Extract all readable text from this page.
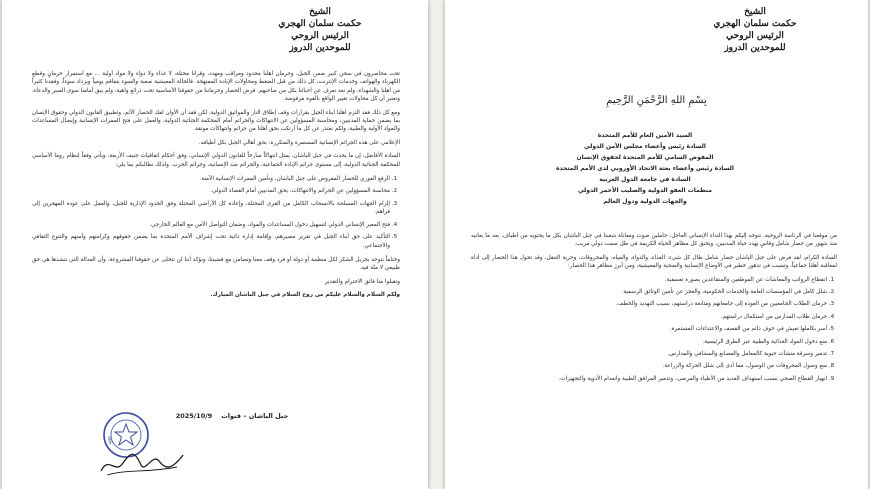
الشيخ
حكمت سلمان الهجري
الرئيس الروحي
للموحدين الدروز

تحت محاصرون في سجن كبير ضمن الجبل، وحرمان أهلنا محدود ومراقب ومهدد، وقرانا محتلة، لا غذاء ولا دواء ولا مواد أولية ... مع استمرار حرمانٍ وقطع الكهرباء والهواتف وخدمات الإنترنت، كل ذلك من قبل الضغط ومحاولات الإبادة الممنهجة. فالحالة المعيشية صعبة والسوء يتفاقم يومياً ويزداد سوءاً، وفقدنا كثيراً من أهلنا والشهداء، ولم نعد نعرف عن أحبائنا بكل من صاحبهم. فرض الحصار وحرماننا من حقوقنا الأساسية تحت ذرائع واهية، ولم يبق أمامنا سوى الصبر والدعاء، ونعتبر أن كل محاولات تغيير الواقع بالقوة مرفوضة.

ومع كل ذلك فقد التزم أهلنا أبناء الجبل بقرارات وقف إطلاق النار والمواثيق الدولية، لكن فقد أن الأوان لفك الحصار الآثم، وتطبيق القانون الدولي وحقوق الإنسان بما يضمن حماية المدنيين، ومحاسبة المسؤولين عن الانتهاكات والجرائم أمام المحكمة الجنائية الدولية، والعمل على فتح الممرات الإنسانية وإيصال المساعدات والمواد الأولية والطبية، ولكم نعتذر عن كل ما ارتكب بحق أهلنا من جرائم وانتهاكات موثقة.

الإعلامي على هذه الجرائم الإنسانية المستمرة والمتكررة، بحق أهالي الجبل بكل أطيافه.

السادة الأفاضل، إن ما يحدث في جبل الباشان، يمثل انتهاكاً صارخاً للقانون الدولي الإنساني، وفق أحكام اتفاقيات جنيف الأربعة، ويأتي وفقاً لنظام روما الأساسي للمحكمة الجنائية الدولية، إلى مستوى جرائم الإبادة الجماعية، والجرائم ضد الإنسانية، وجرائم الحرب. ولذلك نطالبكم بما يلي:

1. الرفع الفوري للحصار المفروض على جبل الباشان، وتأمين الممرات الإنسانية الآمنة.
2. محاسبة المسؤولين عن الجرائم والانتهاكات، بحق المدنيين أمام القضاء الدولي.
3. إلزام الجهات المسلحة بالانسحاب الكامل من القرى المحتلة، وإعادة كل الأراضي المحتلة وفق الحدود الإدارية للجبل، والعمل على عودة المهجرين إلى قراهم.
4. فتح المعبر الإنساني الدولي لتسهيل دخول المساعدات والمواد، وضمان التواصل الآمن مع العالم الخارجي.
5. التأكيد على حق أبناء الجبل في تقرير مصيرهم، وإقامة إدارة ذاتية تحت إشراف الأمم المتحدة بما يضمن حقوقهم وكرامتهم وأمنهم والتنوع الثقافي والاجتماعي.

وختاماً نتوجه بجزيل الشكر لكل منظمة أو دولة أو فرد وقف معنا وتضامن مع قضيتنا، ونؤكد أننا لن نتخلى عن حقوقنا المشروعة، وأن العدالة التي ننشدها هي حق طبيعي لا منّة فيه.

وتقبلوا منا فائق الاحترام والتقدير

ولكم السلام والسلام عليكم من روح السلام في جبل الباشان المبارك.

جبل الباشان – قنوات    2025/10/9
ANS
الشيخ
حكمت سلمان الهجري
الرئيس الروحي
للموحدين الدروز
بِسْمِ اللهِ الرَّحْمَنِ الرَّحِيمِ
السيد الأمين العام للأمم المتحدة
السادة رئيس وأعضاء مجلس الأمن الدولي
المفوض السامي للأمم المتحدة لحقوق الإنسان
السادة رئيس وأعضاء بعثة الاتحاد الأوروبي لدى الأمم المتحدة
السادة في جامعة الدول العربية
منظمات العفو الدولية والصليب الأحمر الدولي
والجهات الدولية ودول العالم

من موقعنا في الرئاسة الروحية، نتوجه إليكم بهذا النداء الإنساني العاجل، حاملين صوت ومعاناة شعبنا في جبل الباشان بكل ما يحتويه من أطياف، بعد ما يعانيه منذ شهور من حصار شامل وقاسٍ يهدد حياة المدنيين، ويخنق كل مظاهر الحياة الكريمة في ظل صمت دولي مريب.

السادة الكرام، لقد فرض على جبل الباشان حصار شامل طال كل شيء: الغذاء، والدواء، والمياه، والمحروقات، وحرية التنقل، وقد تحول هذا الحصار إلى أداة لمعاقبة أهلنا جماعياً، وتسبب في تدهور خطير في الأوضاع الإنسانية والصحية والمعيشية، ومن أبرز مظاهر هذا الحصار:

1. انقطاع الرواتب والمعاشات عن الموظفين والمتقاعدين بصورة تعسفية.
2. شلل كامل في المؤسسات العامة والخدمات الحكومية، والعجز عن تأمين الوثائق الرسمية.
3. حرمان الطلاب الجامعيين من العودة إلى جامعاتهم ومتابعة دراستهم، بسبب التهديد والخطف.
4. حرمان طلاب المدارس من استكمال دراستهم.
5. أسر بكاملها تعيش في خوف دائم من القصف والاعتداءات المستمرة.
6. منع دخول المواد الغذائية والطبية عبر الطرق الرئيسية.
7. تدمير وسرقة منشآت حيوية كالمعامل والمصانع والمشافي والمدارس.
8. منع وصول المحروقات من الوصول، مما أدى إلى شلل الحركة والزراعة.
9. انهيار القطاع الصحي بسبب استهداف العديد من الأطباء والمرضى، وتدمير المرافق الطبية وانعدام الأدوية والتجهيزات.
